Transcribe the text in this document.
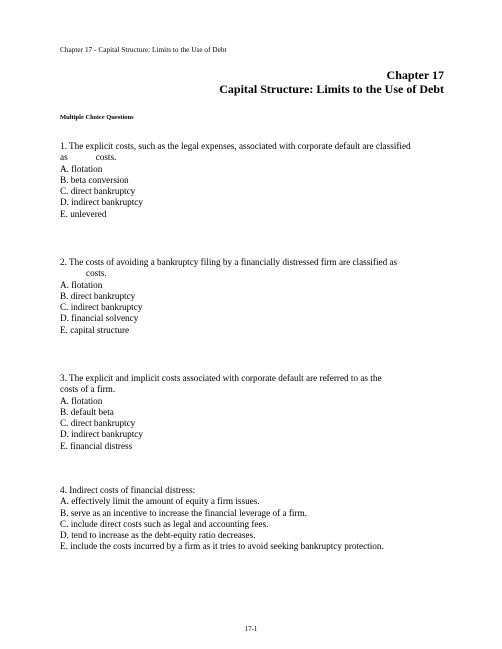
Chapter 17 - Capital Structure: Limits to the Use of Debt
Chapter 17
Capital Structure: Limits to the Use of Debt
Multiple Choice Questions

1. The explicit costs, such as the legal expenses, associated with corporate default are classified

as	costs.

A. flotation

B. beta conversion

C. direct bankruptcy

D. indirect bankruptcy

E. unlevered

2. The costs of avoiding a bankruptcy filing by a financially distressed firm are classified as

costs.

A. flotation

B. direct bankruptcy

C. indirect bankruptcy

D. financial solvency

E. capital structure

3. The explicit and implicit costs associated with corporate default are referred to as the

costs of a firm.

A. flotation

B. default beta

C. direct bankruptcy

D. indirect bankruptcy

E. financial distress

4. Indirect costs of financial distress:

A. effectively limit the amount of equity a firm issues.

B. serve as an incentive to increase the financial leverage of a firm.

C. include direct costs such as legal and accounting fees.

D. tend to increase as the debt-equity ratio decreases.

E. include the costs incurred by a firm as it tries to avoid seeking bankruptcy protection.

17-1
